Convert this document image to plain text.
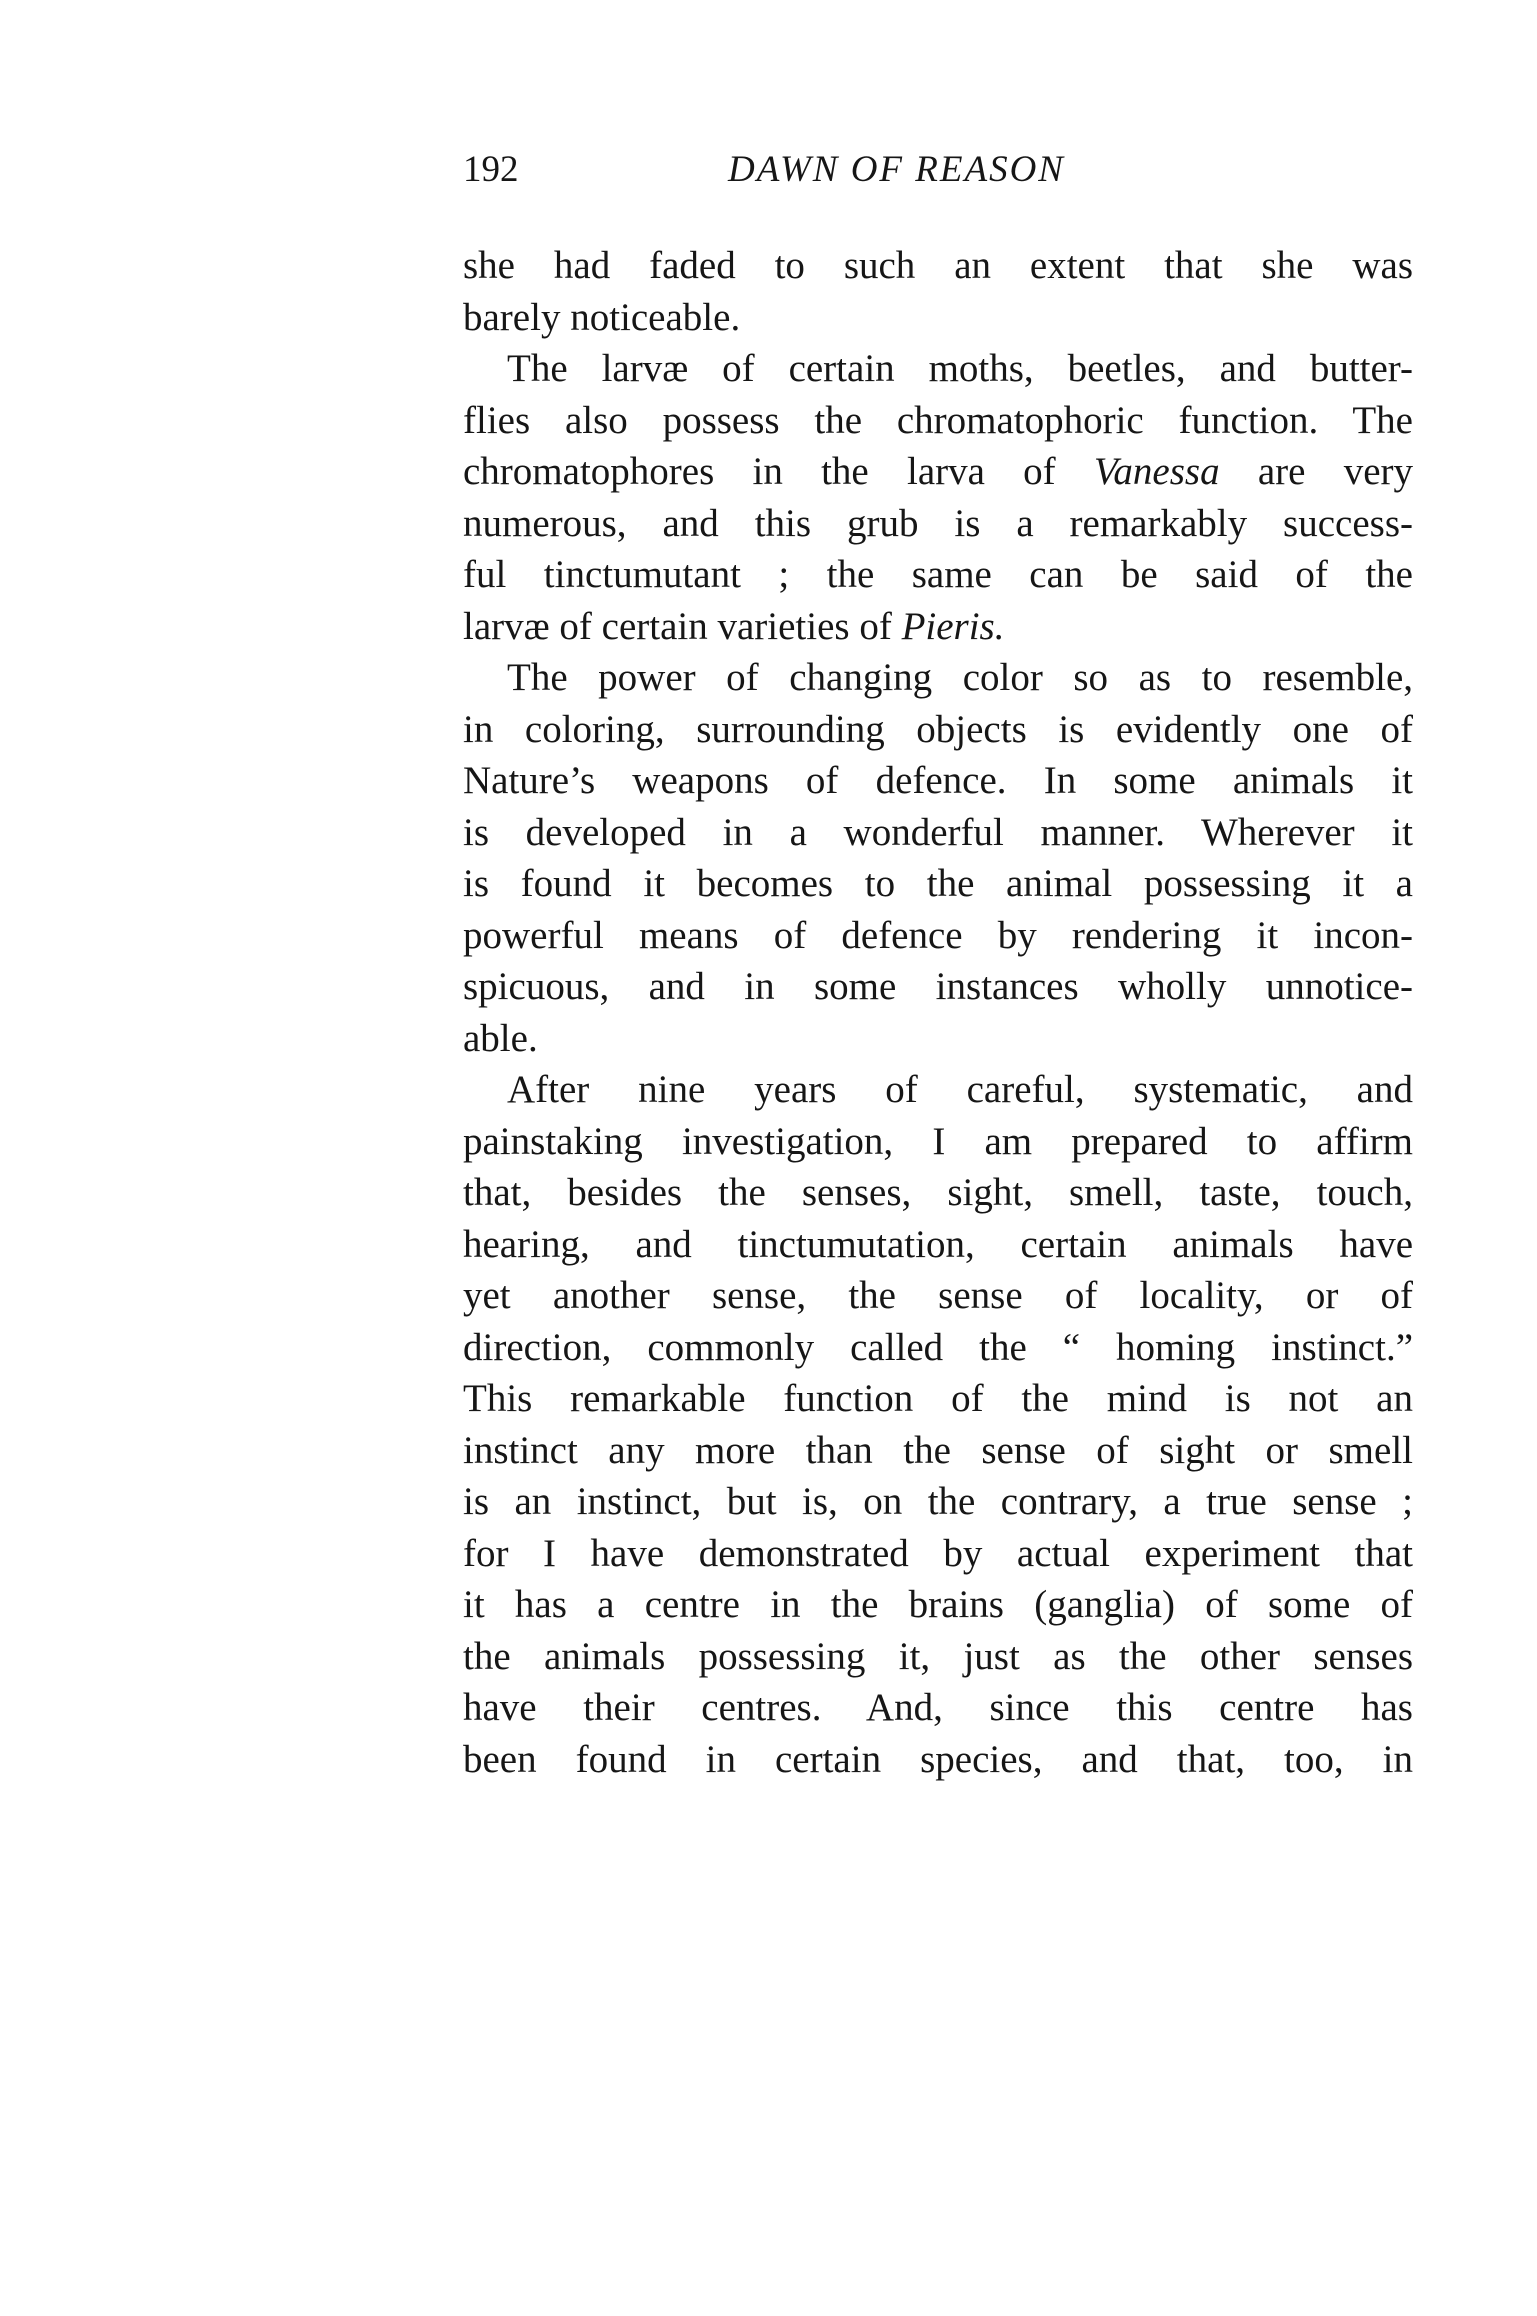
192	DAWN OF REASON
she had faded to such an extent that she was
barely noticeable.
The larvæ of certain moths, beetles, and butter-
flies also possess the chromatophoric function. The
chromatophores in the larva of Vanessa are very
numerous, and this grub is a remarkably success-
ful tinctumutant ; the same can be said of the
larvæ of certain varieties of Pieris.
The power of changing color so as to resemble,
in coloring, surrounding objects is evidently one of
Nature’s weapons of defence. In some animals it
is developed in a wonderful manner. Wherever it
is found it becomes to the animal possessing it a
powerful means of defence by rendering it incon-
spicuous, and in some instances wholly unnotice-
able.
After nine years of careful, systematic, and
painstaking investigation, I am prepared to affirm
that, besides the senses, sight, smell, taste, touch,
hearing, and tinctumutation, certain animals have
yet another sense, the sense of locality, or of
direction, commonly called the “ homing instinct.”
This remarkable function of the mind is not an
instinct any more than the sense of sight or smell
is an instinct, but is, on the contrary, a true sense ;
for I have demonstrated by actual experiment that
it has a centre in the brains (ganglia) of some of
the animals possessing it, just as the other senses
have their centres. And, since this centre has
been found in certain species, and that, too, in
